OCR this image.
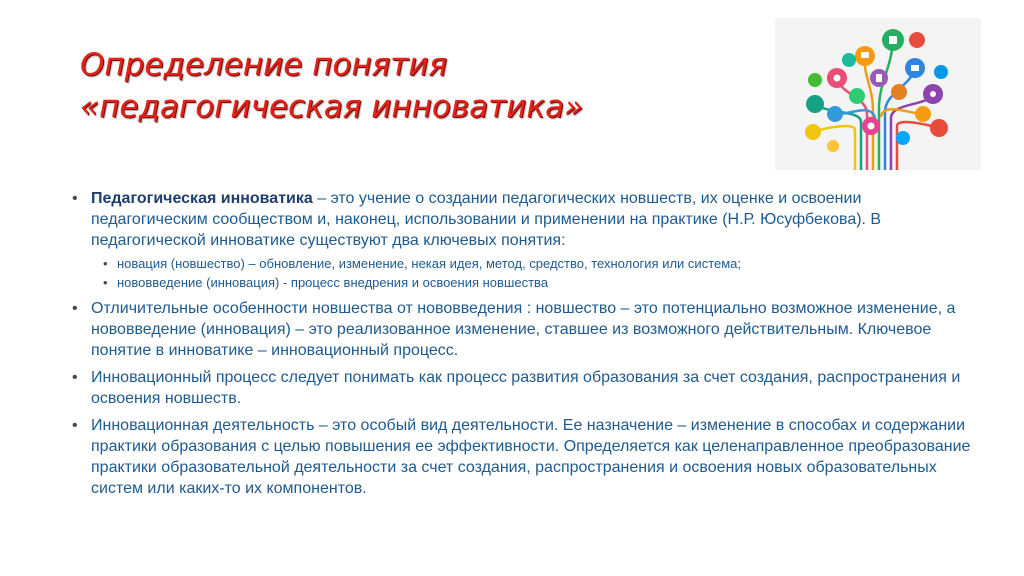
Определение понятия
«педагогическая инноватика»
• Педагогическая инноватика – это учение о создании педагогических новшеств, их оценке и освоении педагогическим сообществом и, наконец, использовании и применении на практике (Н.Р. Юсуфбекова). В педагогической инноватике существуют два ключевых понятия:
• новация (новшество) – обновление, изменение, некая идея, метод, средство, технология или система;
• нововведение (инновация) - процесс внедрения и освоения новшества
• Отличительные особенности новшества от нововведения : новшество – это потенциально возможное изменение, а нововведение (инновация) – это реализованное изменение, ставшее из возможного действительным. Ключевое понятие в инноватике – инновационный процесс.
• Инновационный процесс следует понимать как процесс развития образования за счет создания, распространения и освоения новшеств.
• Инновационная деятельность – это особый вид деятельности. Ее назначение – изменение в способах и содержании практики образования с целью повышения ее эффективности. Определяется как целенаправленное преобразование практики образовательной деятельности за счет создания, распространения и освоения новых образовательных систем или каких-то их компонентов.
